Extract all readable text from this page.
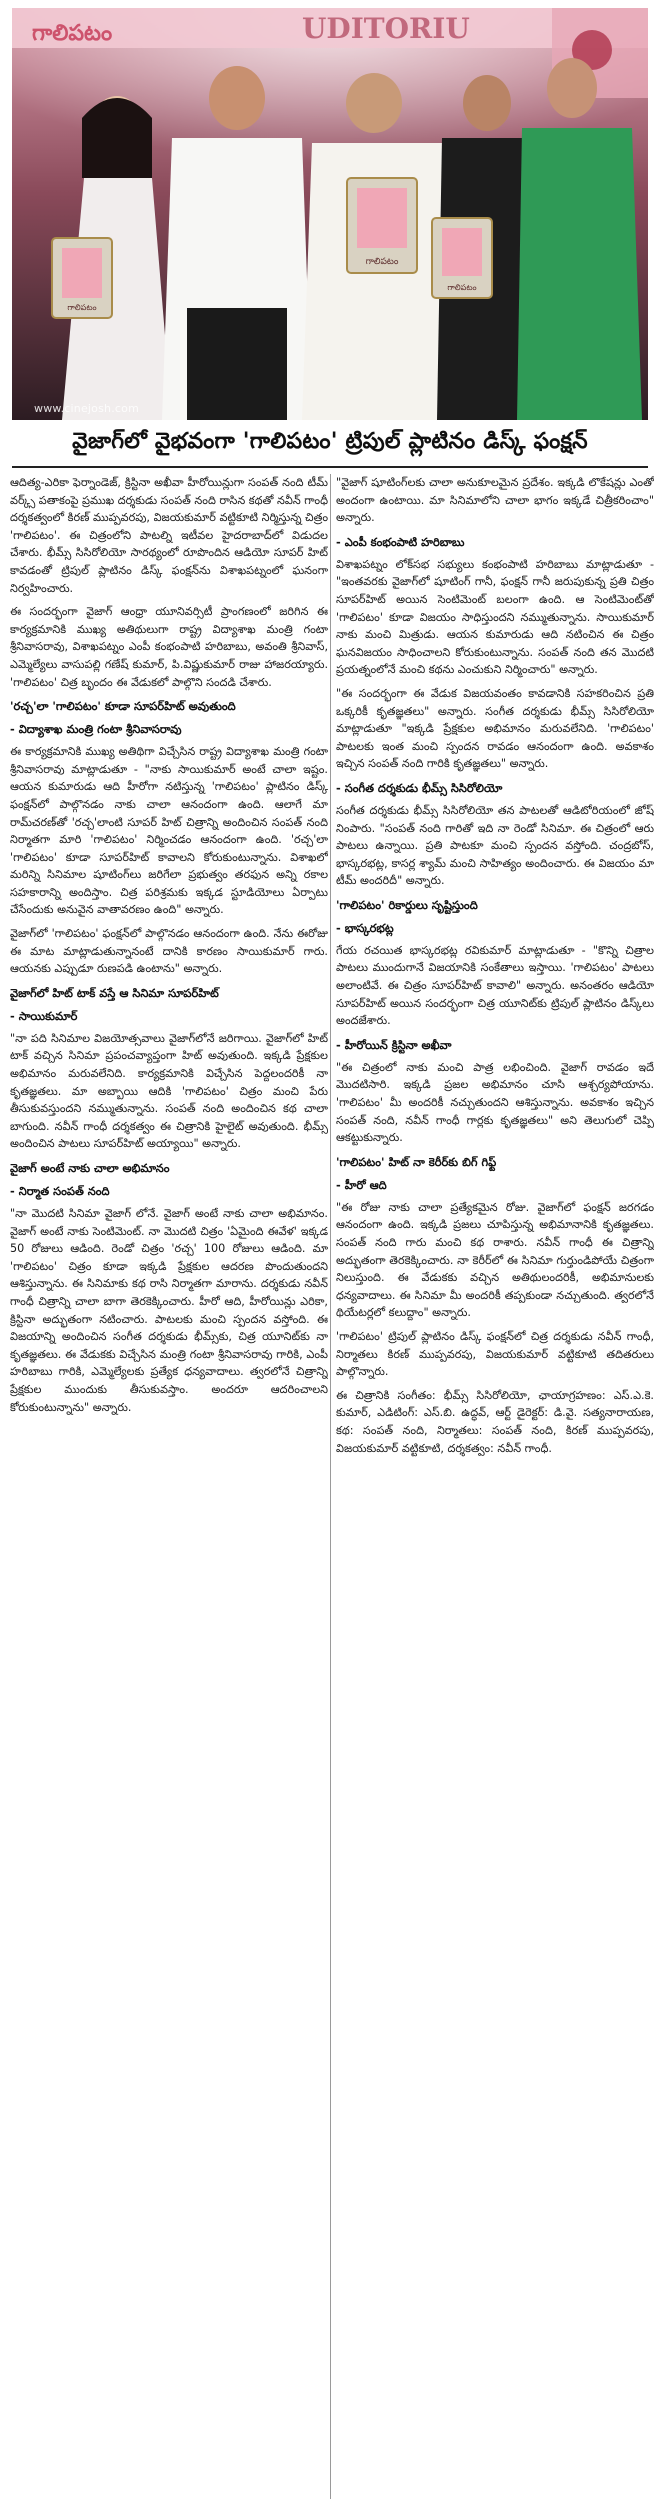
గాలిపటం
గాలిపటం
గాలిపటం
UDITORIU
గాలిపటం
www.cinejosh.com
వైజాగ్‌లో వైభవంగా 'గాలిపటం' ట్రిపుల్ ప్లాటినం డిస్క్ ఫంక్షన్

ఆదిత్య-ఎరికా ఫెర్నాండెజ్, క్రిస్టినా అఖీవా హీరోయిన్లుగా సంపత్ నంది టీమ్ వర్క్స్ పతాకంపై ప్రముఖ దర్శకుడు సంపత్ నంది రాసిన కథతో నవీన్ గాంధీ దర్శకత్వంలో కిరణ్ ముప్పవరపు, విజయకుమార్ వట్టికూటి నిర్మిస్తున్న చిత్రం 'గాలిపటం'. ఈ చిత్రంలోని పాటల్ని ఇటీవల హైదరాబాద్‌లో విడుదల చేశారు. భీమ్స్ సిసిరోలియో సారథ్యంలో రూపొందిన ఆడియో సూపర్ హిట్ కావడంతో ట్రిపుల్ ప్లాటినం డిస్క్ ఫంక్షన్‌ను విశాఖపట్నంలో ఘనంగా నిర్వహించారు.

ఈ సందర్భంగా వైజాగ్ ఆంధ్రా యూనివర్సిటీ ప్రాంగణంలో జరిగిన ఈ కార్యక్రమానికి ముఖ్య అతిథులుగా రాష్ట్ర విద్యాశాఖ మంత్రి గంటా శ్రీనివాసరావు, విశాఖపట్నం ఎంపీ కంభంపాటి హరిబాబు, అవంతి శ్రీనివాస్, ఎమ్మెల్యేలు వాసుపల్లి గణేష్ కుమార్, పి.విష్ణుకుమార్ రాజు హాజరయ్యారు. 'గాలిపటం' చిత్ర బృందం ఈ వేడుకలో పాల్గొని సందడి చేశారు.

'రచ్చ'లా 'గాలిపటం' కూడా సూపర్‌హిట్ అవుతుంది
- విద్యాశాఖ మంత్రి గంటా శ్రీనివాసరావు

ఈ కార్యక్రమానికి ముఖ్య అతిథిగా విచ్చేసిన రాష్ట్ర విద్యాశాఖ మంత్రి గంటా శ్రీనివాసరావు మాట్లాడుతూ - "నాకు సాయికుమార్ అంటే చాలా ఇష్టం. ఆయన కుమారుడు ఆది హీరోగా నటిస్తున్న 'గాలిపటం' ప్లాటినం డిస్క్ ఫంక్షన్‌లో పాల్గొనడం నాకు చాలా ఆనందంగా ఉంది. ఆలాగే మా రామ్‌చరణ్‌తో 'రచ్చ'లాంటి సూపర్ హిట్ చిత్రాన్ని అందించిన సంపత్ నంది నిర్మాతగా మారి 'గాలిపటం' నిర్మించడం ఆనందంగా ఉంది. 'రచ్చ'లా 'గాలిపటం' కూడా సూపర్‌హిట్ కావాలని కోరుకుంటున్నాను. విశాఖలో మరిన్ని సినిమాల షూటింగ్‌లు జరిగేలా ప్రభుత్వం తరఫున అన్ని రకాల సహకారాన్ని అందిస్తాం. చిత్ర పరిశ్రమకు ఇక్కడ స్టూడియోలు ఏర్పాటు చేసేందుకు అనువైన వాతావరణం ఉంది" అన్నారు.

వైజాగ్‌లో 'గాలిపటం' ఫంక్షన్‌లో పాల్గొనడం ఆనందంగా ఉంది. నేను ఈరోజు ఈ మాట మాట్లాడుతున్నానంటే దానికి కారణం సాయికుమార్ గారు. ఆయనకు ఎప్పుడూ రుణపడి ఉంటాను" అన్నారు.

వైజాగ్‌లో హిట్ టాక్ వస్తే ఆ సినిమా సూపర్‌హిట్
- సాయికుమార్

"నా పది సినిమాల విజయోత్సవాలు వైజాగ్‌లోనే జరిగాయి. వైజాగ్‌లో హిట్ టాక్ వచ్చిన సినిమా ప్రపంచవ్యాప్తంగా హిట్ అవుతుంది. ఇక్కడి ప్రేక్షకుల అభిమానం మరువలేనిది. కార్యక్రమానికి విచ్చేసిన పెద్దలందరికీ నా కృతజ్ఞతలు. మా అబ్బాయి ఆదికి 'గాలిపటం' చిత్రం మంచి పేరు తీసుకువస్తుందని నమ్ముతున్నాను. సంపత్ నంది అందించిన కథ చాలా బాగుంది. నవీన్ గాంధీ దర్శకత్వం ఈ చిత్రానికి హైలైట్ అవుతుంది. భీమ్స్ అందించిన పాటలు సూపర్‌హిట్ అయ్యాయి" అన్నారు.

వైజాగ్ అంటే నాకు చాలా అభిమానం
- నిర్మాత సంపత్ నంది

"నా మొదటి సినిమా వైజాగ్ లోనే. వైజాగ్ అంటే నాకు చాలా అభిమానం. వైజాగ్ అంటే నాకు సెంటిమెంట్. నా మొదటి చిత్రం 'ఏమైంది ఈవేళ' ఇక్కడ 50 రోజులు ఆడింది. రెండో చిత్రం 'రచ్చ' 100 రోజులు ఆడింది. మా 'గాలిపటం' చిత్రం కూడా ఇక్కడి ప్రేక్షకుల ఆదరణ పొందుతుందని ఆశిస్తున్నాను. ఈ సినిమాకు కథ రాసి నిర్మాతగా మారాను. దర్శకుడు నవీన్ గాంధీ చిత్రాన్ని చాలా బాగా తెరకెక్కించారు. హీరో ఆది, హీరోయిన్లు ఎరికా, క్రిస్టినా అద్భుతంగా నటించారు. పాటలకు మంచి స్పందన వస్తోంది. ఈ విజయాన్ని అందించిన సంగీత దర్శకుడు భీమ్స్‌కు, చిత్ర యూనిట్‌కు నా కృతజ్ఞతలు. ఈ వేడుకకు విచ్చేసిన మంత్రి గంటా శ్రీనివాసరావు గారికి, ఎంపీ హరిబాబు గారికి, ఎమ్మెల్యేలకు ప్రత్యేక ధన్యవాదాలు. త్వరలోనే చిత్రాన్ని ప్రేక్షకుల ముందుకు తీసుకువస్తాం. అందరూ ఆదరించాలని కోరుకుంటున్నాను" అన్నారు.

"వైజాగ్ షూటింగ్‌లకు చాలా అనుకూలమైన ప్రదేశం. ఇక్కడి లొకేషన్లు ఎంతో అందంగా ఉంటాయి. మా సినిమాలోని చాలా భాగం ఇక్కడే చిత్రీకరించాం" అన్నారు.

- ఎంపీ కంభంపాటి హరిబాబు

విశాఖపట్నం లోక్‌సభ సభ్యులు కంభంపాటి హరిబాబు మాట్లాడుతూ - "ఇంతవరకు వైజాగ్‌లో షూటింగ్ గానీ, ఫంక్షన్ గానీ జరుపుకున్న ప్రతి చిత్రం సూపర్‌హిట్ అయిన సెంటిమెంట్ బలంగా ఉంది. ఆ సెంటిమెంట్‌తో 'గాలిపటం' కూడా విజయం సాధిస్తుందని నమ్ముతున్నాను. సాయికుమార్ నాకు మంచి మిత్రుడు. ఆయన కుమారుడు ఆది నటించిన ఈ చిత్రం ఘనవిజయం సాధించాలని కోరుకుంటున్నాను. సంపత్ నంది తన మొదటి ప్రయత్నంలోనే మంచి కథను ఎంచుకుని నిర్మించారు" అన్నారు.

"ఈ సందర్భంగా ఈ వేడుక విజయవంతం కావడానికి సహకరించిన ప్రతి ఒక్కరికీ కృతజ్ఞతలు" అన్నారు. సంగీత దర్శకుడు భీమ్స్ సిసిరోలియో మాట్లాడుతూ "ఇక్కడి ప్రేక్షకుల అభిమానం మరువలేనిది. 'గాలిపటం' పాటలకు ఇంత మంచి స్పందన రావడం ఆనందంగా ఉంది. అవకాశం ఇచ్చిన సంపత్ నంది గారికి కృతజ్ఞతలు" అన్నారు.

- సంగీత దర్శకుడు భీమ్స్ సిసిరోలియో

సంగీత దర్శకుడు భీమ్స్ సిసిరోలియో తన పాటలతో ఆడిటోరియంలో జోష్ నింపారు. "సంపత్ నంది గారితో ఇది నా రెండో సినిమా. ఈ చిత్రంలో ఆరు పాటలు ఉన్నాయి. ప్రతి పాటకూ మంచి స్పందన వస్తోంది. చంద్రబోస్, భాస్కరభట్ల, కాసర్ల శ్యామ్ మంచి సాహిత్యం అందించారు. ఈ విజయం మా టీమ్ అందరిదీ" అన్నారు.

'గాలిపటం' రికార్డులు సృష్టిస్తుంది
- భాస్కరభట్ల

గేయ రచయిత భాస్కరభట్ల రవికుమార్ మాట్లాడుతూ - "కొన్ని చిత్రాల పాటలు ముందుగానే విజయానికి సంకేతాలు ఇస్తాయి. 'గాలిపటం' పాటలు అలాంటివే. ఈ చిత్రం సూపర్‌హిట్ కావాలి" అన్నారు. అనంతరం ఆడియో సూపర్‌హిట్ అయిన సందర్భంగా చిత్ర యూనిట్‌కు ట్రిపుల్ ప్లాటినం డిస్క్‌లు అందజేశారు.

- హీరోయిన్ క్రిస్టినా అఖీవా

"ఈ చిత్రంలో నాకు మంచి పాత్ర లభించింది. వైజాగ్ రావడం ఇదే మొదటిసారి. ఇక్కడి ప్రజల అభిమానం చూసి ఆశ్చర్యపోయాను. 'గాలిపటం' మీ అందరికీ నచ్చుతుందని ఆశిస్తున్నాను. అవకాశం ఇచ్చిన సంపత్ నంది, నవీన్ గాంధీ గార్లకు కృతజ్ఞతలు" అని తెలుగులో చెప్పి ఆకట్టుకున్నారు.

'గాలిపటం' హిట్ నా కెరీర్‌కు బిగ్ గిఫ్ట్
- హీరో ఆది

"ఈ రోజు నాకు చాలా ప్రత్యేకమైన రోజు. వైజాగ్‌లో ఫంక్షన్ జరగడం ఆనందంగా ఉంది. ఇక్కడి ప్రజలు చూపిస్తున్న అభిమానానికి కృతజ్ఞతలు. సంపత్ నంది గారు మంచి కథ రాశారు. నవీన్ గాంధీ ఈ చిత్రాన్ని అద్భుతంగా తెరకెక్కించారు. నా కెరీర్‌లో ఈ సినిమా గుర్తుండిపోయే చిత్రంగా నిలుస్తుంది. ఈ వేడుకకు వచ్చిన అతిథులందరికీ, అభిమానులకు ధన్యవాదాలు. ఈ సినిమా మీ అందరికీ తప్పకుండా నచ్చుతుంది. త్వరలోనే థియేటర్లలో కలుద్దాం" అన్నారు.

'గాలిపటం' ట్రిపుల్ ప్లాటినం డిస్క్ ఫంక్షన్‌లో చిత్ర దర్శకుడు నవీన్ గాంధీ, నిర్మాతలు కిరణ్ ముప్పవరపు, విజయకుమార్ వట్టికూటి తదితరులు పాల్గొన్నారు.

ఈ చిత్రానికి సంగీతం: భీమ్స్ సిసిరోలియో, ఛాయాగ్రహణం: ఎస్.ఎ.కె. కుమార్, ఎడిటింగ్: ఎస్.బి. ఉద్ధవ్, ఆర్ట్ డైరెక్టర్: డి.వై. సత్యనారాయణ, కథ: సంపత్ నంది, నిర్మాతలు: సంపత్ నంది, కిరణ్ ముప్పవరపు, విజయకుమార్ వట్టికూటి, దర్శకత్వం: నవీన్ గాంధీ.
